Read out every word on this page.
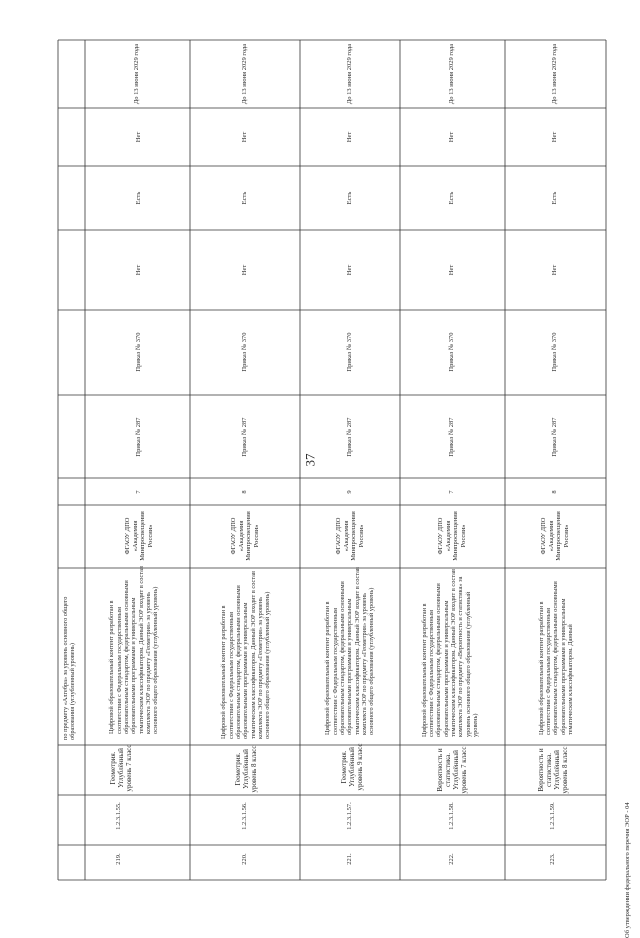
37
по предмету «Алгебра» за уровень основного общего образования (углубленный уровень)
219.
1.2.3.1.55.
Геометрия. Углублённый уровень 7 класс
Цифровой образовательный контент разработан в соответствии с Федеральным государственным образовательным стандартом, федеральными основными образовательными программами и универсальным тематическим классификатором. Данный ЭОР входит в состав комплекта ЭОР по предмету «Геометрия» за уровень основного общего образования (углубленный уровень)
ФГАОУ ДПО «Академия Минпросвещения России»
7
Приказ № 287
Приказ № 370
Нет
Есть
Нет
До 13 июня 2029 года
220.
1.2.3.1.56.
Геометрия. Углублённый уровень 8 класс
Цифровой образовательный контент разработан в соответствии с Федеральным государственным образовательным стандартом, федеральными основными образовательными программами и универсальным тематическим классификатором. Данный ЭОР входит в состав комплекта ЭОР по предмету «Геометрия» за уровень основного общего образования (углубленный уровень)
ФГАОУ ДПО «Академия Минпросвещения России»
8
Приказ № 287
Приказ № 370
Нет
Есть
Нет
До 13 июня 2029 года
221.
1.2.3.1.57.
Геометрия. Углублённый уровень 9 класс
Цифровой образовательный контент разработан в соответствии с Федеральным государственным образовательным стандартом, федеральными основными образовательными программами и универсальным тематическим классификатором. Данный ЭОР входит в состав комплекта ЭОР по предмету «Геометрия» за уровень основного общего образования (углубленный уровень)
ФГАОУ ДПО «Академия Минпросвещения России»
9
Приказ № 287
Приказ № 370
Нет
Есть
Нет
До 13 июня 2029 года
222.
1.2.3.1.58.
Вероятность и статистика. Углублённый уровень 7 класс
Цифровой образовательный контент разработан в соответствии с Федеральным государственным образовательным стандартом, федеральными основными образовательными программами и универсальным тематическим классификатором. Данный ЭОР входит в состав комплекта ЭОР по предмету «Вероятность и статистика» за уровень основного общего образования (углубленный уровень)
ФГАОУ ДПО «Академия Минпросвещения России»
7
Приказ № 287
Приказ № 370
Нет
Есть
Нет
До 13 июня 2029 года
223.
1.2.3.1.59.
Вероятность и статистика. Углублённый уровень 8 класс
Цифровой образовательный контент разработан в соответствии с Федеральным государственным образовательным стандартом, федеральными основными образовательными программами и универсальным тематическим классификатором. Данный
ФГАОУ ДПО «Академия Минпросвещения России»
8
Приказ № 287
Приказ № 370
Нет
Есть
Нет
До 13 июня 2029 года
Об утверждении федерального перечня ЭОР - 04
